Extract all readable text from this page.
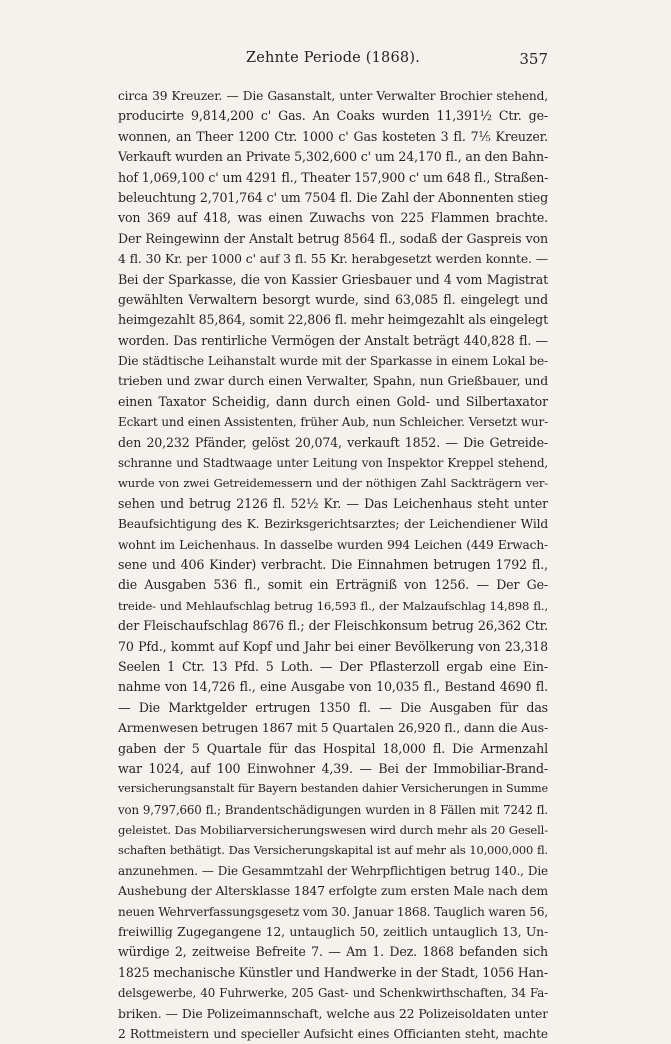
Zehnte Periode (1868).	357
circa 39 Kreuzer. — Die Gasanstalt, unter Verwalter Brochier stehend,
producirte 9,814,200 c' Gas. An Coaks wurden 11,391½ Ctr. ge-
wonnen, an Theer 1200 Ctr. 1000 c' Gas kosteten 3 fl. 7⅕ Kreuzer.
Verkauft wurden an Private 5,302,600 c' um 24,170 fl., an den Bahn-
hof 1,069,100 c' um 4291 fl., Theater 157,900 c' um 648 fl., Straßen-
beleuchtung 2,701,764 c' um 7504 fl. Die Zahl der Abonnenten stieg
von 369 auf 418, was einen Zuwachs von 225 Flammen brachte.
Der Reingewinn der Anstalt betrug 8564 fl., sodaß der Gaspreis von
4 fl. 30 Kr. per 1000 c' auf 3 fl. 55 Kr. herabgesetzt werden konnte. —
Bei der Sparkasse, die von Kassier Griesbauer und 4 vom Magistrat
gewählten Verwaltern besorgt wurde, sind 63,085 fl. eingelegt und
heimgezahlt 85,864, somit 22,806 fl. mehr heimgezahlt als eingelegt
worden. Das rentirliche Vermögen der Anstalt beträgt 440,828 fl. —
Die städtische Leihanstalt wurde mit der Sparkasse in einem Lokal be-
trieben und zwar durch einen Verwalter, Spahn, nun Grießbauer, und
einen Taxator Scheidig, dann durch einen Gold- und Silbertaxator
Eckart und einen Assistenten, früher Aub, nun Schleicher. Versetzt wur-
den 20,232 Pfänder, gelöst 20,074, verkauft 1852. — Die Getreide-
schranne und Stadtwaage unter Leitung von Inspektor Kreppel stehend,
wurde von zwei Getreidemessern und der nöthigen Zahl Sackträgern ver-
sehen und betrug 2126 fl. 52½ Kr. — Das Leichenhaus steht unter
Beaufsichtigung des K. Bezirksgerichtsarztes; der Leichendiener Wild
wohnt im Leichenhaus. In dasselbe wurden 994 Leichen (449 Erwach-
sene und 406 Kinder) verbracht. Die Einnahmen betrugen 1792 fl.,
die Ausgaben 536 fl., somit ein Erträgniß von 1256. — Der Ge-
treide- und Mehlaufschlag betrug 16,593 fl., der Malzaufschlag 14,898 fl.,
der Fleischaufschlag 8676 fl.; der Fleischkonsum betrug 26,362 Ctr.
70 Pfd., kommt auf Kopf und Jahr bei einer Bevölkerung von 23,318
Seelen 1 Ctr. 13 Pfd. 5 Loth. — Der Pflasterzoll ergab eine Ein-
nahme von 14,726 fl., eine Ausgabe von 10,035 fl., Bestand 4690 fl.
— Die Marktgelder ertrugen 1350 fl. — Die Ausgaben für das
Armenwesen betrugen 1867 mit 5 Quartalen 26,920 fl., dann die Aus-
gaben der 5 Quartale für das Hospital 18,000 fl. Die Armenzahl
war 1024, auf 100 Einwohner 4,39. — Bei der Immobiliar-Brand-
versicherungsanstalt für Bayern bestanden dahier Versicherungen in Summe
von 9,797,660 fl.; Brandentschädigungen wurden in 8 Fällen mit 7242 fl.
geleistet. Das Mobiliarversicherungswesen wird durch mehr als 20 Gesell-
schaften bethätigt. Das Versicherungskapital ist auf mehr als 10,000,000 fl.
anzunehmen. — Die Gesammtzahl der Wehrpflichtigen betrug 140., Die
Aushebung der Altersklasse 1847 erfolgte zum ersten Male nach dem
neuen Wehrverfassungsgesetz vom 30. Januar 1868. Tauglich waren 56,
freiwillig Zugegangene 12, untauglich 50, zeitlich untauglich 13, Un-
würdige 2, zeitweise Befreite 7. — Am 1. Dez. 1868 befanden sich
1825 mechanische Künstler und Handwerke in der Stadt, 1056 Han-
delsgewerbe, 40 Fuhrwerke, 205 Gast- und Schenkwirthschaften, 34 Fa-
briken. — Die Polizeimannschaft, welche aus 22 Polizeisoldaten unter
2 Rottmeistern und specieller Aufsicht eines Officianten steht, machte
